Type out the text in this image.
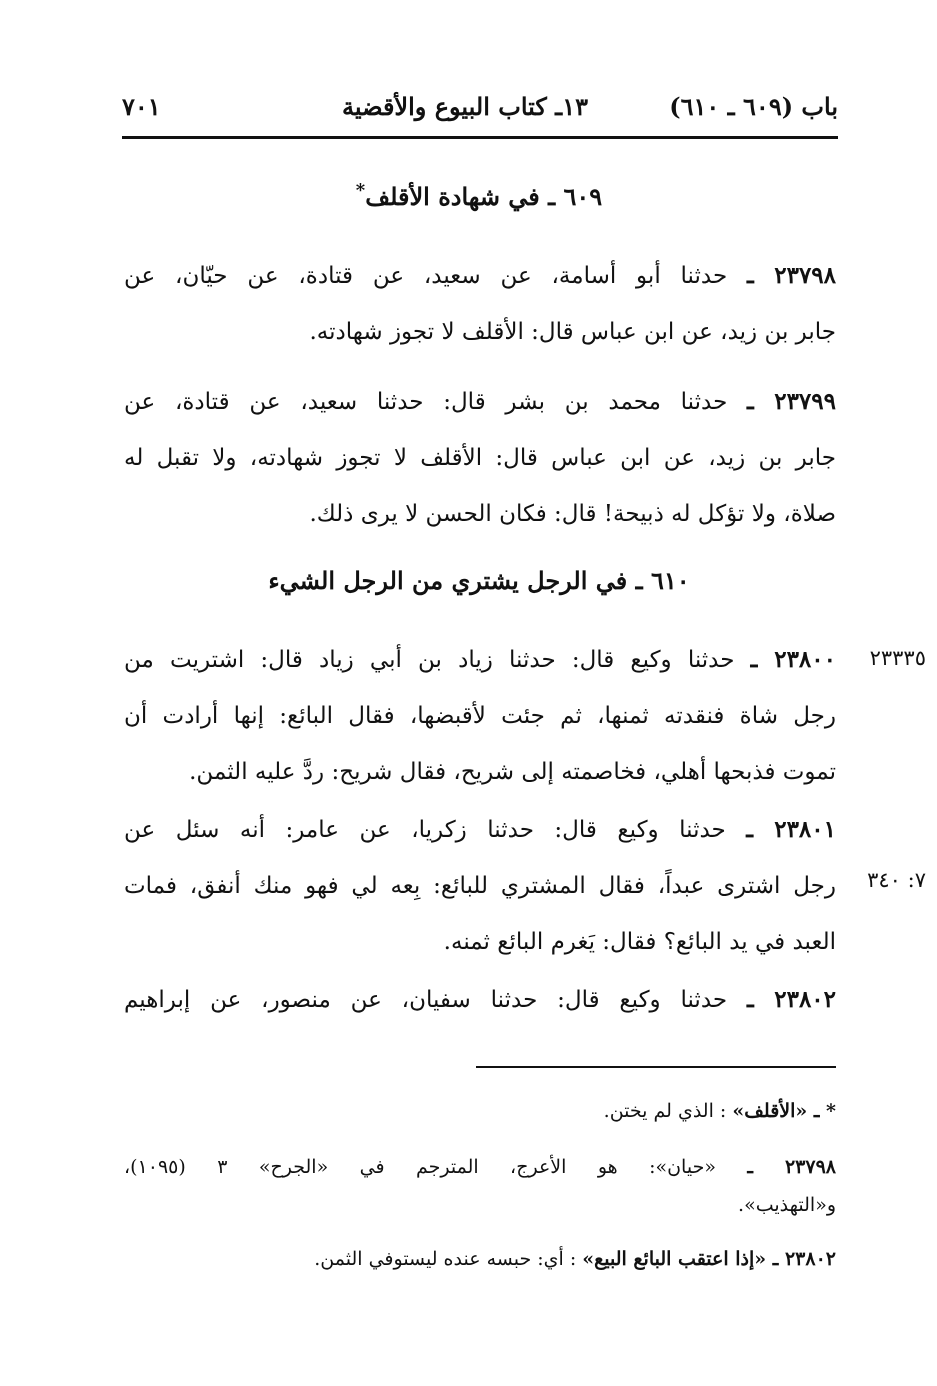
باب (٦٠٩ ـ ٦١٠)
١٣ـ كتاب البيوع والأقضية
٧٠١
٦٠٩ ـ في شهادة الأقلف*
٢٣٧٩٨ ـ حدثنا أبو أسامة، عن سعيد، عن قتادة، عن حيّان، عن
جابر بن زيد، عن ابن عباس قال: الأقلف لا تجوز شهادته.
٢٣٧٩٩ ـ حدثنا محمد بن بشر قال: حدثنا سعيد، عن قتادة، عن
جابر بن زيد، عن ابن عباس قال: الأقلف لا تجوز شهادته، ولا تقبل له
صلاة، ولا تؤكل له ذبيحة! قال: فكان الحسن لا يرى ذلك.
٦١٠ ـ في الرجل يشتري من الرجل الشيء
٢٣٣٣٥
٢٣٨٠٠ ـ حدثنا وكيع قال: حدثنا زياد بن أبي زياد قال: اشتريت من
رجل شاة فنقدته ثمنها، ثم جئت لأقبضها، فقال البائع: إنها أرادت أن
تموت فذبحها أهلي، فخاصمته إلى شريح، فقال شريح: ردَّ عليه الثمن.
٧: ٣٤٠
٢٣٨٠١ ـ حدثنا وكيع قال: حدثنا زكريا، عن عامر: أنه سئل عن
رجل اشترى عبداً، فقال المشتري للبائع: بِعه لي فهو منك أنفق، فمات
العبد في يد البائع؟ فقال: يَغرم البائع ثمنه.
٢٣٨٠٢ ـ حدثنا وكيع قال: حدثنا سفيان، عن منصور، عن إبراهيم
* ـ «الأقلف» : الذي لم يختن.
٢٣٧٩٨ ـ «حيان»: هو الأعرج، المترجم في «الجرح» ٣ (١٠٩٥)،
و«التهذيب».
٢٣٨٠٢ ـ «إذا اعتقب البائع البيع» : أي: حبسه عنده ليستوفي الثمن.
